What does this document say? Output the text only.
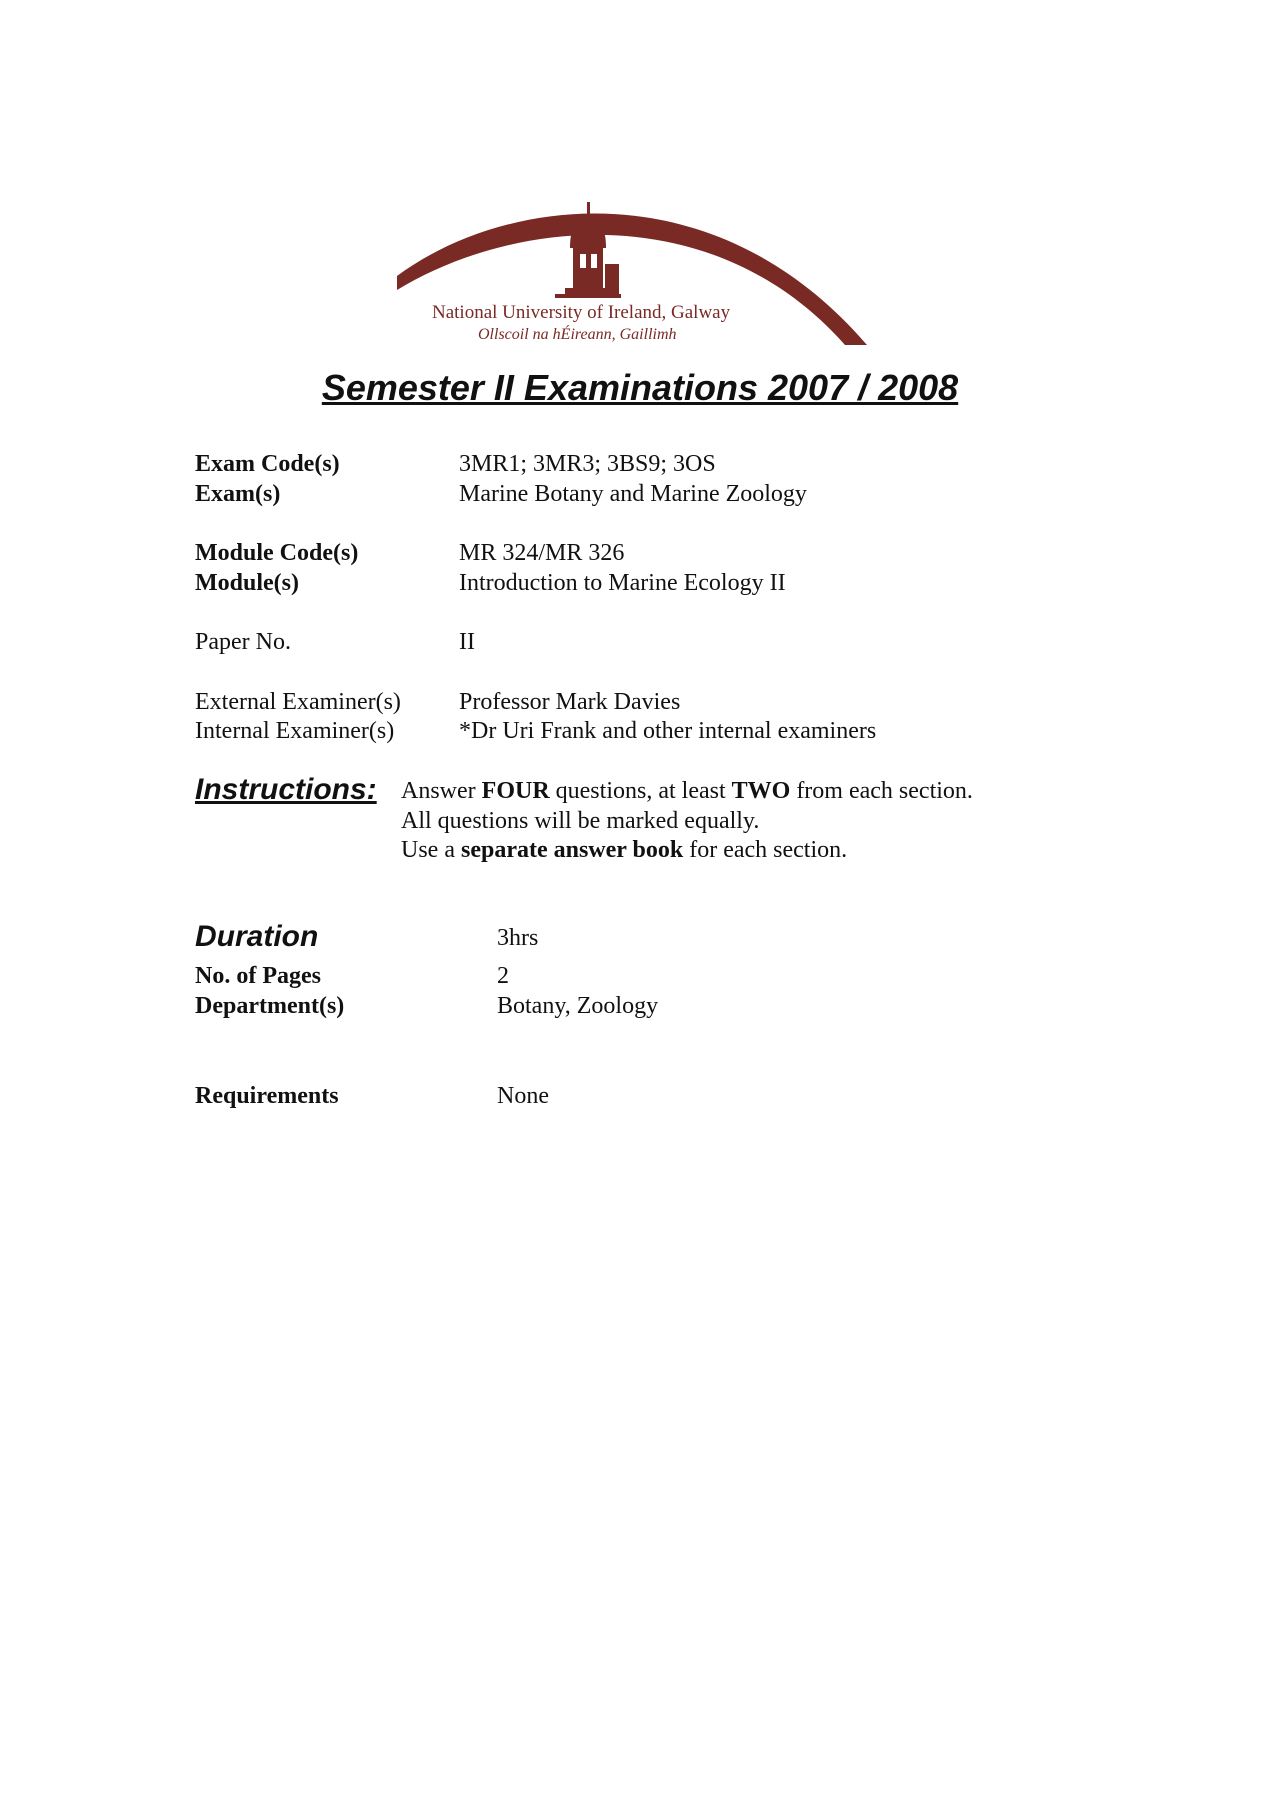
National University of Ireland, Galway
Ollscoil na hÉireann, Gaillimh
Semester II Examinations 2007 / 2008
Exam Code(s)	3MR1; 3MR3; 3BS9; 3OS
Exam(s)	Marine Botany and Marine Zoology
Module Code(s)	MR 324/MR 326
Module(s)	Introduction to Marine Ecology II
Paper No.	II
External Examiner(s) Professor Mark Davies
Internal Examiner(s)	*Dr Uri Frank and other internal examiners
Instructions: Answer FOUR questions, at least TWO from each section.
All questions will be marked equally.
Use a separate answer book for each section.
Duration	3hrs
No. of Pages	2
Department(s)	Botany, Zoology
Requirements	None
